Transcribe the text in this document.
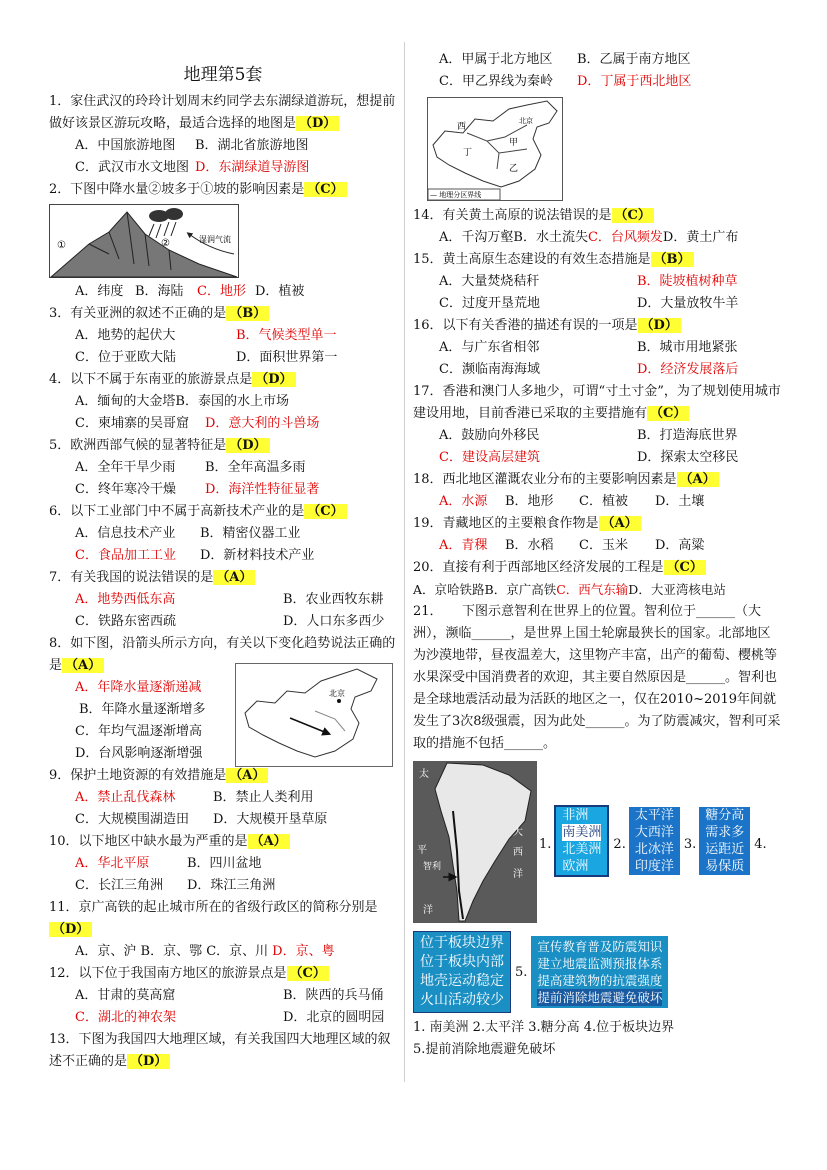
地理第5套
1．家住武汉的玲玲计划周末约同学去东湖绿道游玩，想提前做好该景区游玩攻略，最适合选择的地图是 （D）
A．中国旅游地图	B．湖北省旅游地图
C．武汉市水文地图 D．东湖绿道导游图
2．下图中降水量②坡多于①坡的影响因素是 （C）
①	②	湿润气流
A．纬度 B．海陆	C．地形 D．植被
3．有关亚洲的叙述不正确的是 （B）
A．地势的起伏大	B．气候类型单一
C．位于亚欧大陆	D．面积世界第一
4．以下不属于东南亚的旅游景点是 （D）
A．缅甸的大金塔B．泰国的水上市场
C．柬埔寨的吴哥窟	D．意大利的斗兽场
5．欧洲西部气候的显著特征是 （D）
A．全年干旱少雨	B．全年高温多雨
C．终年寒冷干燥	D．海洋性特征显著
6．以下工业部门中不属于高新技术产业的是 （C）
A．信息技术产业	B．精密仪器工业
C．食品加工工业	D．新材料技术产业
7．有关我国的说法错误的是 （A）
A．地势西低东高	B．农业西牧东耕
C．铁路东密西疏	D．人口东多西少
8．如下图，沿箭头所示方向，有关以下变化趋势说法正确的是 （A）
A．年降水量逐渐递减
B．年降水量逐渐增多
C．年均气温逐渐增高
D．台风影响逐渐增强
北京
9．保护土地资源的有效措施是 （A）
A．禁止乱伐森林	B．禁止人类利用
C．大规模围湖造田	D．大规模开垦草原
10．以下地区中缺水最为严重的是 （A）
A．华北平原	B．四川盆地
C．长江三角洲	D．珠江三角洲
11．京广高铁的起止城市所在的省级行政区的简称分别是（D）
A．京、沪 B．京、鄂 C．京、川 D．京、粤
12．以下位于我国南方地区的旅游景点是 （C）
A．甘肃的莫高窟	B．陕西的兵马俑
C．湖北的神农架	D．北京的圆明园
13．下图为我国四大地理区域，有关我国四大地理区域的叙述不正确的是 （D）
A．甲属于北方地区	B．乙属于南方地区
C．甲乙界线为秦岭	D．丁属于西北地区
西
丁
甲
乙
北京
— 地理分区界线
14．有关黄土高原的说法错误的是 （C）
A．千沟万壑B．水土流失 C．台风频发 D．黄土广布
15．黄土高原生态建设的有效生态措施是 （B）
A．大量焚烧秸秆	B．陡坡植树种草
C．过度开垦荒地	D．大量放牧牛羊
16．以下有关香港的描述有误的一项是 （D）
A．与广东省相邻	B．城市用地紧张
C．濒临南海海域	D．经济发展落后
17．香港和澳门人多地少，可谓“寸土寸金”，为了规划使用城市建设用地，目前香港已采取的主要措施有 （C）
A．鼓励向外移民	B．打造海底世界
C．建设高层建筑	D．探索太空移民
18．西北地区灌溉农业分布的主要影响因素是 （A）
A．水源	B．地形	C．植被	D．土壤
19．青藏地区的主要粮食作物是 （A）
A．青稞	B．水稻	C．玉米	D．高粱
20．直接有利于西部地区经济发展的工程是 （C）
A．京哈铁路B．京广高铁 C．西气东输 D．大亚湾核电站
21．　　下图示意智利在世界上的位置。智利位于______（大洲），濒临______，是世界上国土轮廓最狭长的国家。北部地区为沙漠地带，昼夜温差大，这里物产丰富，出产的葡萄、樱桃等水果深受中国消费者的欢迎，其主要自然原因是______。智利也是全球地震活动最为活跃的地区之一，仅在2010~2019年间就发生了3次8级强震，因为此处______。为了防震减灾，智利可采取的措施不包括______。
太
平
洋
大
西
洋
智利
1.
非洲
南美洲
北美洲
欧洲
2.
太平洋
大西洋
北冰洋
印度洋
3.
糖分高
需求多
运距近
易保质
4.
位于板块边界
位于板块内部
地壳运动稳定
火山活动较少
5.
宣传教育普及防震知识
建立地震监测预报体系
提高建筑物的抗震强度
提前消除地震避免破坏
1. 南美洲 2.太平洋 3.糖分高 4.位于板块边界
5.提前消除地震避免破坏
